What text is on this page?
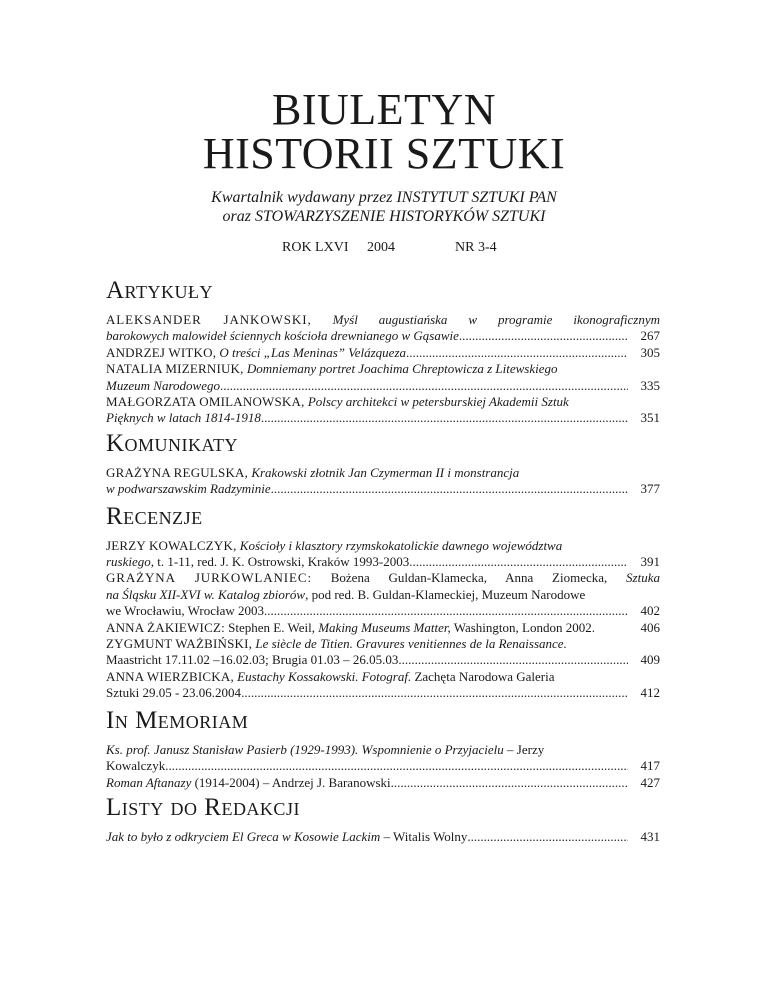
BIULETYN
HISTORII SZTUKI
Kwartalnik wydawany przez INSTYTUT SZTUKI PAN
oraz STOWARZYSZENIE HISTORYKÓW SZTUKI
ROK LXVI 2004	NR 3-4
Artykuły
ALEKSANDER JANKOWSKI, Myśl augustiańska w programie ikonograficznym
barokowych malowideł ściennych kościoła drewnianego w Gąsawie .....	267
ANDRZEJ WITKO, O treści „Las Meninas” Velázqueza .....	305
NATALIA MIZERNIUK, Domniemany portret Joachima Chreptowicza z Litewskiego
Muzeum Narodowego .....	335
MAŁGORZATA OMILANOWSKA, Polscy architekci w petersburskiej Akademii Sztuk
Pięknych w latach 1814-1918 .....	351
Komunikaty
GRAŻYNA REGULSKA, Krakowski złotnik Jan Czymerman II i monstrancja
w podwarszawskim Radzyminie .....	377
Recenzje
JERZY KOWALCZYK, Kościoły i klasztory rzymskokatolickie dawnego województwa
ruskiego, t. 1-11, red. J. K. Ostrowski, Kraków 1993-2003 .....	391
GRAŻYNA JURKOWLANIEC: Bożena Guldan-Klamecka, Anna Ziomecka, Sztuka
na Śląsku XII-XVI w. Katalog zbiorów, pod red. B. Guldan-Klameckiej, Muzeum Narodowe
we Wrocławiu, Wrocław 2003 .....	402
ANNA ŻAKIEWICZ: Stephen E. Weil, Making Museums Matter, Washington, London 2002.	406
ZYGMUNT WAŻBIŃSKI, Le siècle de Titien. Gravures venitiennes de la Renaissance.
Maastricht 17.11.02 –16.02.03; Brugia 01.03 – 26.05.03 .....	409
ANNA WIERZBICKA, Eustachy Kossakowski. Fotograf. Zachęta Narodowa Galeria
Sztuki 29.05 - 23.06.2004 .....	412
In Memoriam
Ks. prof. Janusz Stanisław Pasierb (1929-1993). Wspomnienie o Przyjacielu – Jerzy
Kowalczyk .....	417
Roman Aftanazy (1914-2004) – Andrzej J. Baranowski .....	427
Listy do Redakcji
Jak to było z odkryciem El Greca w Kosowie Lackim – Witalis Wolny .....	431
